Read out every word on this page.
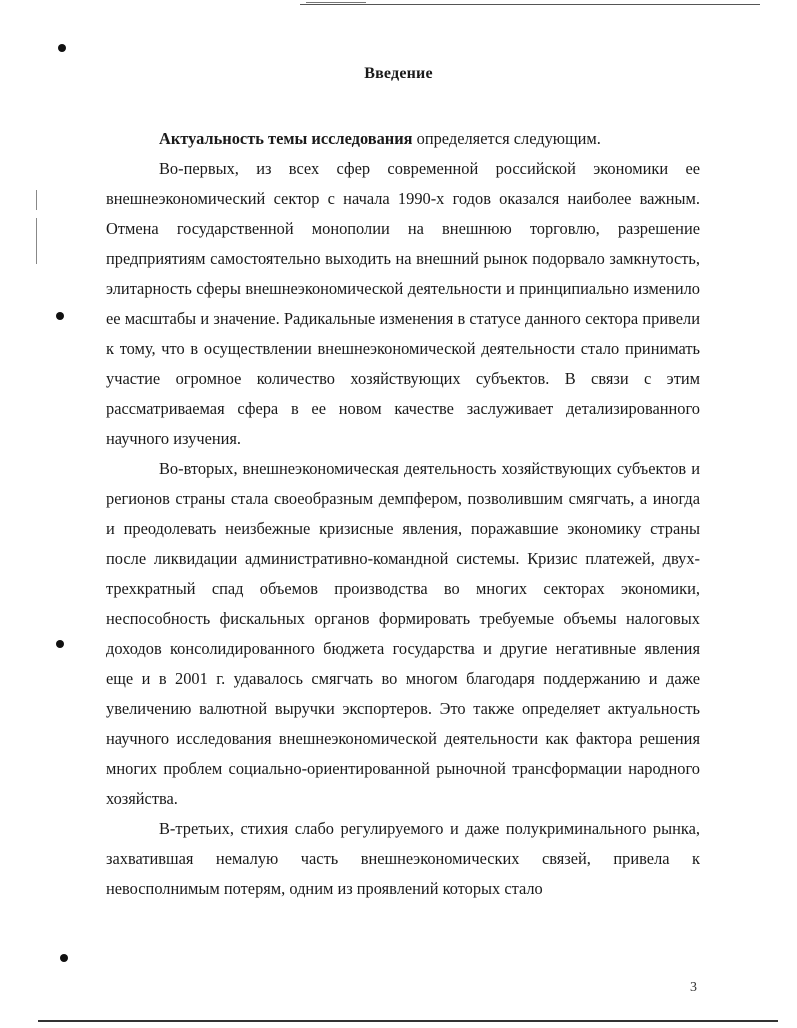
Введение

Актуальность темы исследования определяется следующим.

Во-первых, из всех сфер современной российской экономики ее внешнеэкономический сектор с начала 1990-х годов оказался наиболее важным. Отмена государственной монополии на внешнюю торговлю, разрешение предприятиям самостоятельно выходить на внешний рынок подорвало замкнутость, элитарность сферы внешнеэкономической деятельности и принципиально изменило ее масштабы и значение. Радикальные изменения в статусе данного сектора привели к тому, что в осуществлении внешнеэкономической деятельности стало принимать участие огромное количество хозяйствующих субъектов. В связи с этим рассматриваемая сфера в ее новом качестве заслуживает детализированного научного изучения.

Во-вторых, внешнеэкономическая деятельность хозяйствующих субъектов и регионов страны стала своеобразным демпфером, позволившим смягчать, а иногда и преодолевать неизбежные кризисные явления, поражавшие экономику страны после ликвидации административно-командной системы. Кризис платежей, двух-трехкратный спад объемов производства во многих секторах экономики, неспособность фискальных органов формировать требуемые объемы налоговых доходов консолидированного бюджета государства и другие негативные явления еще и в 2001 г. удавалось смягчать во многом благодаря поддержанию и даже увеличению валютной выручки экспортеров. Это также определяет актуальность научного исследования внешнеэкономической деятельности как фактора решения многих проблем социально-ориентированной рыночной трансформации народного хозяйства.

В-третьих, стихия слабо регулируемого и даже полукриминального рынка, захватившая немалую часть внешнеэкономических связей, привела к невосполнимым потерям, одним из проявлений которых стало

3
